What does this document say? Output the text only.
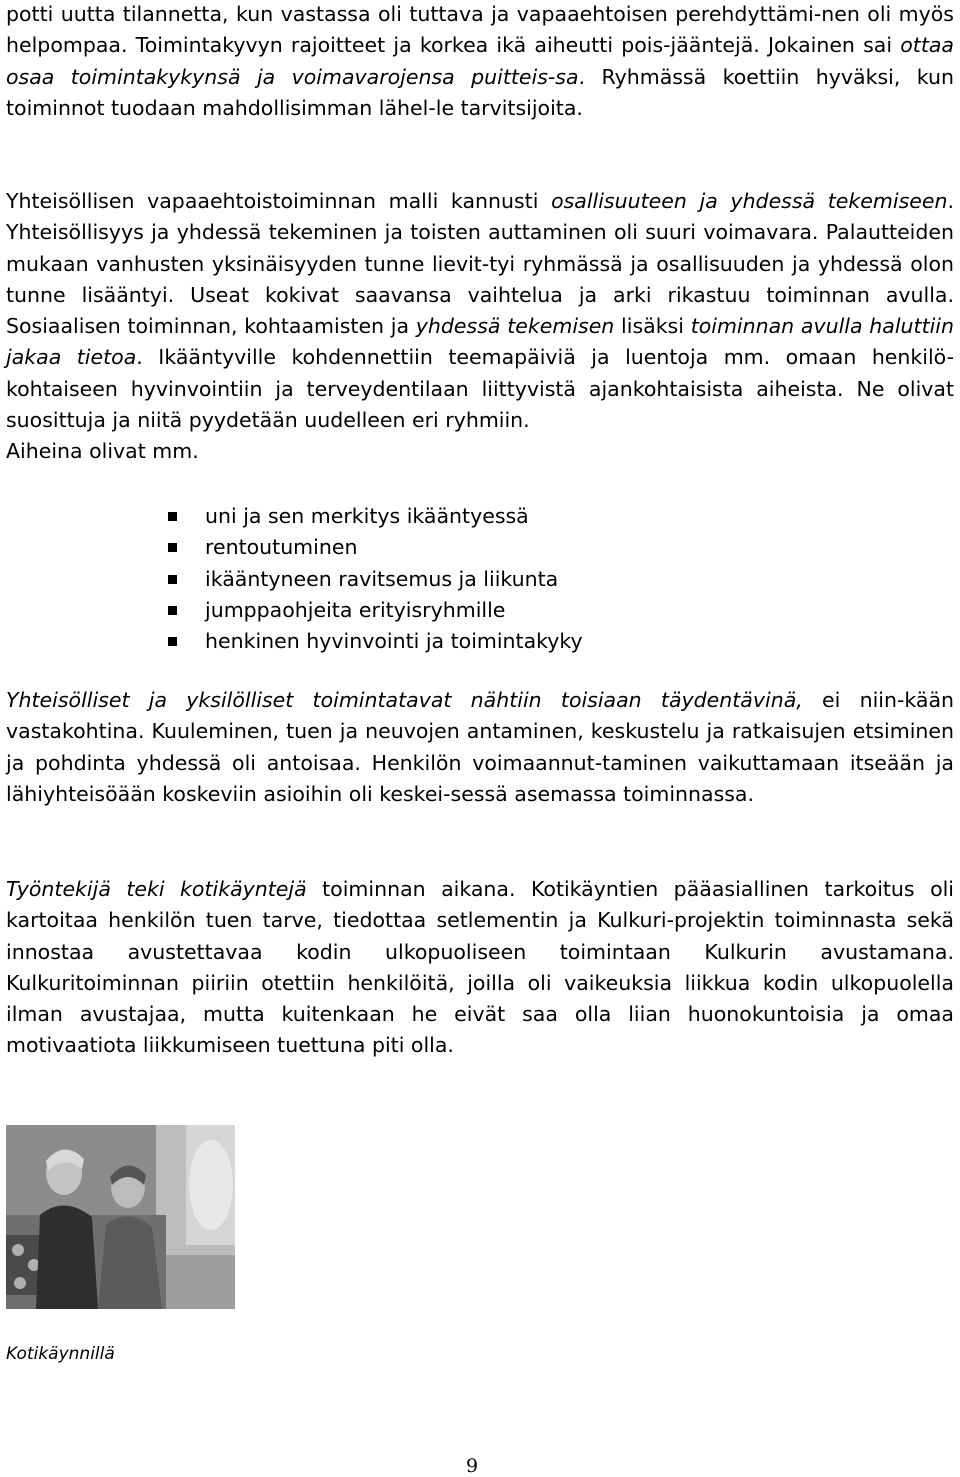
potti uutta tilannetta, kun vastassa oli tuttava ja vapaaehtoisen perehdyttämi-nen oli myös helpompaa. Toimintakyvyn rajoitteet ja korkea ikä aiheutti pois-jääntejä. Jokainen sai ottaa osaa toimintakykynsä ja voimavarojensa puitteis-sa. Ryhmässä koettiin hyväksi, kun toiminnot tuodaan mahdollisimman lähel-le tarvitsijoita.

Yhteisöllisen vapaaehtoistoiminnan malli kannusti osallisuuteen ja yhdessä tekemiseen. Yhteisöllisyys ja yhdessä tekeminen ja toisten auttaminen oli suuri voimavara. Palautteiden mukaan vanhusten yksinäisyyden tunne lievit-tyi ryhmässä ja osallisuuden ja yhdessä olon tunne lisääntyi. Useat kokivat saavansa vaihtelua ja arki rikastuu toiminnan avulla. Sosiaalisen toiminnan, kohtaamisten ja yhdessä tekemisen lisäksi toiminnan avulla haluttiin jakaa tietoa. Ikääntyville kohdennettiin teemapäiviä ja luentoja mm. omaan henkilö-kohtaiseen hyvinvointiin ja terveydentilaan liittyvistä ajankohtaisista aiheista. Ne olivat suosittuja ja niitä pyydetään uudelleen eri ryhmiin.
Aiheina olivat mm.

uni ja sen merkitys ikääntyessä
rentoutuminen
ikääntyneen ravitsemus ja liikunta
jumppaohjeita erityisryhmille
henkinen hyvinvointi ja toimintakyky

Yhteisölliset ja yksilölliset toimintatavat nähtiin toisiaan täydentävinä, ei niin-kään vastakohtina. Kuuleminen, tuen ja neuvojen antaminen, keskustelu ja ratkaisujen etsiminen ja pohdinta yhdessä oli antoisaa. Henkilön voimaannut-taminen vaikuttamaan itseään ja lähiyhteisöään koskeviin asioihin oli keskei-sessä asemassa toiminnassa.

Työntekijä teki kotikäyntejä toiminnan aikana. Kotikäyntien pääasiallinen tarkoitus oli kartoitaa henkilön tuen tarve, tiedottaa setlementin ja Kulkuri-projektin toiminnasta sekä innostaa avustettavaa kodin ulkopuoliseen toimintaan Kulkurin avustamana. Kulkuritoiminnan piiriin otettiin henkilöitä, joilla oli vaikeuksia liikkua kodin ulkopuolella ilman avustajaa, mutta kuitenkaan he eivät saa olla liian huonokuntoisia ja omaa motivaatiota liikkumiseen tuettuna piti olla.

Kotikäynnillä
9
